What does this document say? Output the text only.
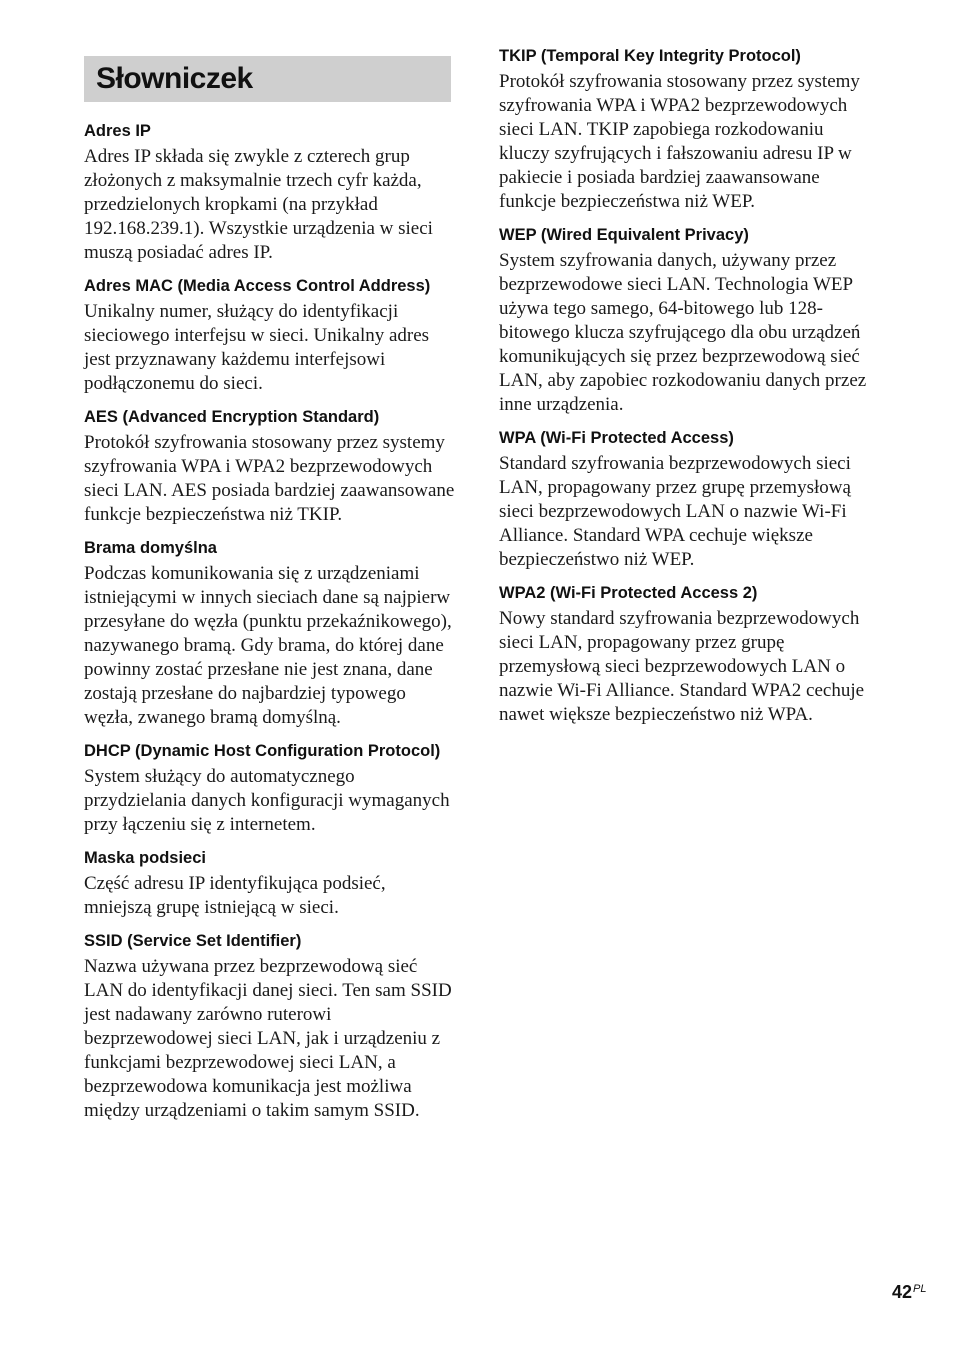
Słowniczek

Adres IP

Adres IP składa się zwykle z czterech grup złożonych z maksymalnie trzech cyfr każda, przedzielonych kropkami (na przykład 192.168.239.1). Wszystkie urządzenia w sieci muszą posiadać adres IP.

Adres MAC (Media Access Control Address)

Unikalny numer, służący do identyfikacji sieciowego interfejsu w sieci. Unikalny adres jest przyznawany każdemu interfejsowi podłączonemu do sieci.

AES (Advanced Encryption Standard)

Protokół szyfrowania stosowany przez systemy szyfrowania WPA i WPA2 bezprzewodowych sieci LAN. AES posiada bardziej zaawansowane funkcje bezpieczeństwa niż TKIP.

Brama domyślna

Podczas komunikowania się z urządzeniami istniejącymi w innych sieciach dane są najpierw przesyłane do węzła (punktu przekaźnikowego), nazywanego bramą. Gdy brama, do której dane powinny zostać przesłane nie jest znana, dane zostają przesłane do najbardziej typowego węzła, zwanego bramą domyślną.

DHCP (Dynamic Host Configuration Protocol)

System służący do automatycznego przydzielania danych konfiguracji wymaganych przy łączeniu się z internetem.

Maska podsieci

Część adresu IP identyfikująca podsieć, mniejszą grupę istniejącą w sieci.

SSID (Service Set Identifier)

Nazwa używana przez bezprzewodową sieć LAN do identyfikacji danej sieci. Ten sam SSID jest nadawany zarówno ruterowi bezprzewodowej sieci LAN, jak i urządzeniu z funkcjami bezprzewodowej sieci LAN, a bezprzewodowa komunikacja jest możliwa między urządzeniami o takim samym SSID.

TKIP (Temporal Key Integrity Protocol)

Protokół szyfrowania stosowany przez systemy szyfrowania WPA i WPA2 bezprzewodowych sieci LAN. TKIP zapobiega rozkodowaniu kluczy szyfrujących i fałszowaniu adresu IP w pakiecie i posiada bardziej zaawansowane funkcje bezpieczeństwa niż WEP.

WEP (Wired Equivalent Privacy)

System szyfrowania danych, używany przez bezprzewodowe sieci LAN. Technologia WEP używa tego samego, 64-bitowego lub 128-bitowego klucza szyfrującego dla obu urządzeń komunikujących się przez bezprzewodową sieć LAN, aby zapobiec rozkodowaniu danych przez inne urządzenia.

WPA (Wi-Fi Protected Access)

Standard szyfrowania bezprzewodowych sieci LAN, propagowany przez grupę przemysłową sieci bezprzewodowych LAN o nazwie Wi-Fi Alliance. Standard WPA cechuje większe bezpieczeństwo niż WEP.

WPA2 (Wi-Fi Protected Access 2)

Nowy standard szyfrowania bezprzewodowych sieci LAN, propagowany przez grupę przemysłową sieci bezprzewodowych LAN o nazwie Wi-Fi Alliance. Standard WPA2 cechuje nawet większe bezpieczeństwo niż WPA.

$42^{PL}$
